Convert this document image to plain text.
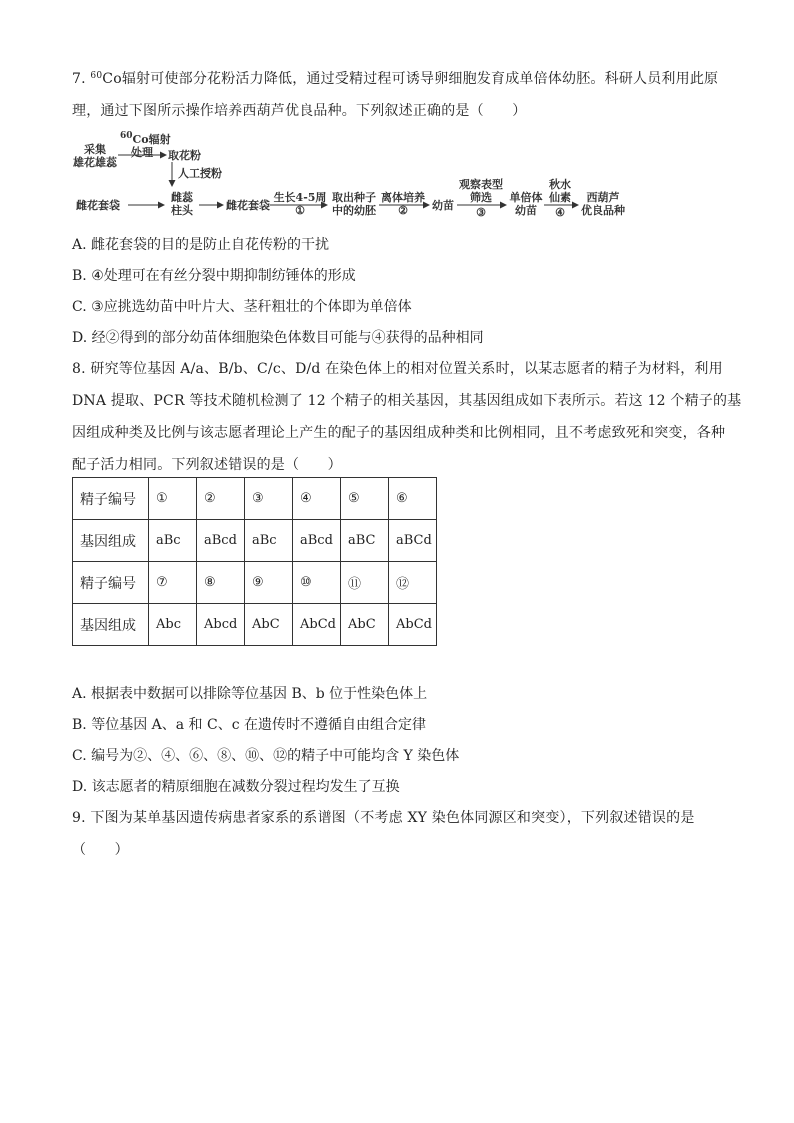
7. $^{60}$Co辐射可使部分花粉活力降低，通过受精过程可诱导卵细胞发育成单倍体幼胚。科研人员利用此原
理，通过下图所示操作培养西葫芦优良品种。下列叙述正确的是（　　）
采集
雄花雄蕊
$^{60}$Co辐射
处理	取花粉
人工授粉
雌花套袋
雌蕊
柱头	雌花套袋
生长4-5周
①
取出种子
中的幼胚
离体培养
②	幼苗
观察表型
筛选
③
单倍体
幼苗
秋水
仙素
④
西葫芦
优良品种
A. 雌花套袋的目的是防止自花传粉的干扰
B. ④处理可在有丝分裂中期抑制纺锤体的形成
C. ③应挑选幼苗中叶片大、茎秆粗壮的个体即为单倍体
D. 经②得到的部分幼苗体细胞染色体数目可能与④获得的品种相同
8. 研究等位基因 A/a、B/b、C/c、D/d 在染色体上的相对位置关系时，以某志愿者的精子为材料，利用
DNA 提取、PCR 等技术随机检测了 12 个精子的相关基因，其基因组成如下表所示。若这 12 个精子的基
因组成种类及比例与该志愿者理论上产生的配子的基因组成种类和比例相同，且不考虑致死和突变，各种
配子活力相同。下列叙述错误的是（　　）
精子编号	①	②	③	④	⑤	⑥
基因组成	aBc	aBcd	aBc	aBcd	aBC	aBCd
精子编号	⑦	⑧	⑨	⑩	⑪	⑫
基因组成	Abc	Abcd	AbC	AbCd	AbC	AbCd
A. 根据表中数据可以排除等位基因 B、b 位于性染色体上
B. 等位基因 A、a 和 C、c 在遗传时不遵循自由组合定律
C. 编号为②、④、⑥、⑧、⑩、⑫的精子中可能均含 Y 染色体
D. 该志愿者的精原细胞在减数分裂过程均发生了互换
9. 下图为某单基因遗传病患者家系的系谱图（不考虑 XY 染色体同源区和突变），下列叙述错误的是
（　　）
